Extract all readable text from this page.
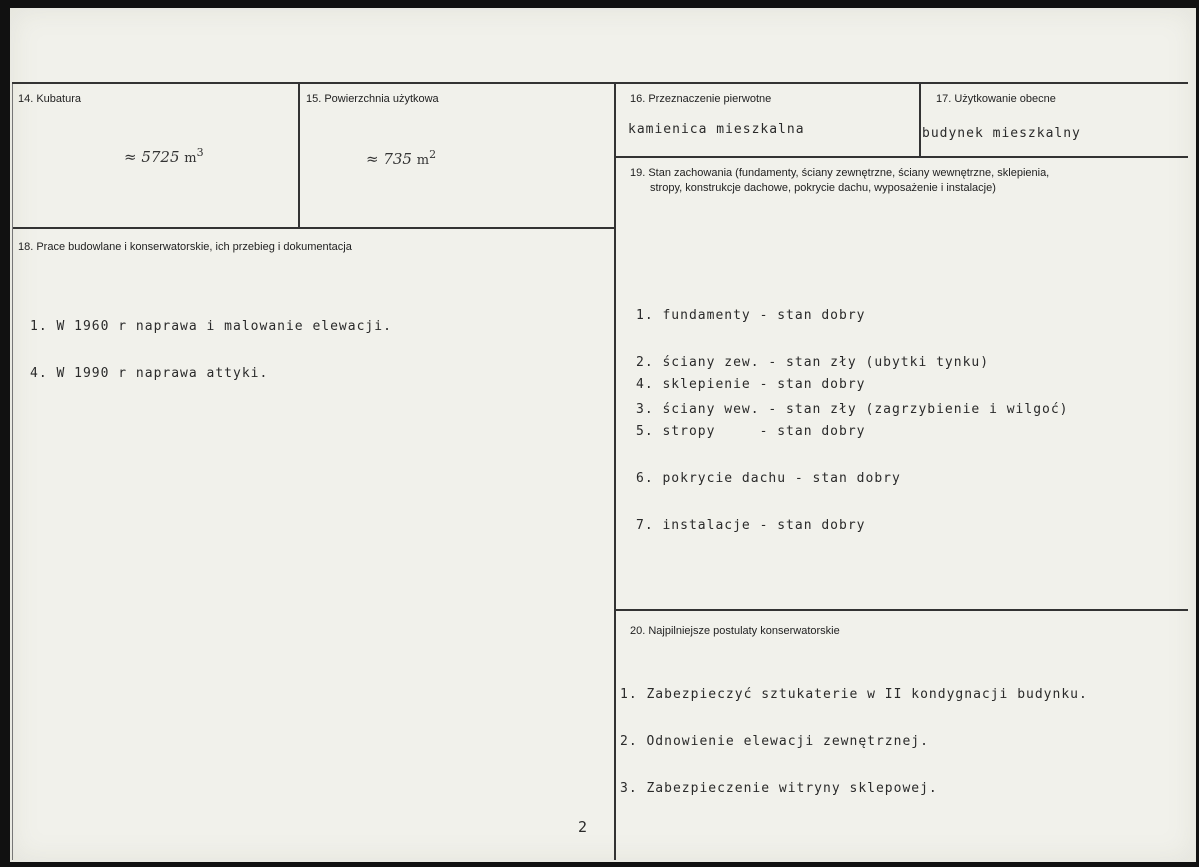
14. Kubatura
≈ 5725 $m^3$
15. Powierzchnia użytkowa
≈ 735 $m^2$
16. Przeznaczenie pierwotne
kamienica mieszkalna
17. Użytkowanie obecne
budynek mieszkalny
18. Prace budowlane i konserwatorskie, ich przebieg i dokumentacja

1. W 1960 r naprawa i malowanie elewacji.

4. W 1990 r naprawa attyki.

19. Stan zachowania (fundamenty, ściany zewnętrzne, ściany wewnętrzne, sklepienia,
stropy, konstrukcje dachowe, pokrycie dachu, wyposażenie i instalacje)

1. fundamenty - stan dobry

2. ściany zew. - stan zły (ubytki tynku)

3. ściany wew. - stan zły (zagrzybienie i wilgoć)

4. sklepienie - stan dobry

5. stropy     - stan dobry

6. pokrycie dachu - stan dobry

7. instalacje - stan dobry

20. Najpilniejsze postulaty konserwatorskie

1. Zabezpieczyć sztukaterie w II kondygnacji budynku.

2. Odnowienie elewacji zewnętrznej.

3. Zabezpieczenie witryny sklepowej.

2
